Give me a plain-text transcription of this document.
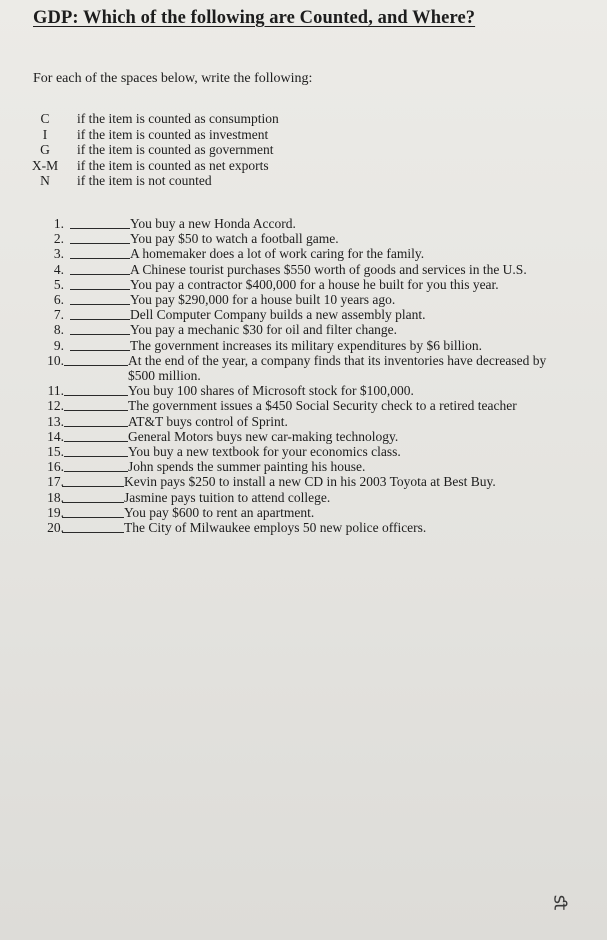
GDP: Which of the following are Counted, and Where?
For each of the spaces below, write the following:
C	if the item is counted as consumption
I	if the item is counted as investment
G	if the item is counted as government
X-M if the item is counted as net exports
N	if the item is not counted
1.	You buy a new Honda Accord.
2.	You pay $50 to watch a football game.
3.	A homemaker does a lot of work caring for the family.
4.	A Chinese tourist purchases $550 worth of goods and services in the U.S.
5.	You pay a contractor $400,000 for a house he built for you this year.
6.	You pay $290,000 for a house built 10 years ago.
7.	Dell Computer Company builds a new assembly plant.
8.	You pay a mechanic $30 for oil and filter change.
9.	The government increases its military expenditures by $6 billion.
10.	At the end of the year, a company finds that its inventories have decreased by $500 million.
11.	You buy 100 shares of Microsoft stock for $100,000.
12.	The government issues a $450 Social Security check to a retired teacher
13.	AT&T buys control of Sprint.
14.	General Motors buys new car-making technology.
15.	You buy a new textbook for your economics class.
16.	John spends the summer painting his house.
17.	Kevin pays $250 to install a new CD in his 2003 Toyota at Best Buy.
18.	Jasmine pays tuition to attend college.
19.	You pay $600 to rent an apartment.
20.	The City of Milwaukee employs 50 new police officers.
ﬆ
